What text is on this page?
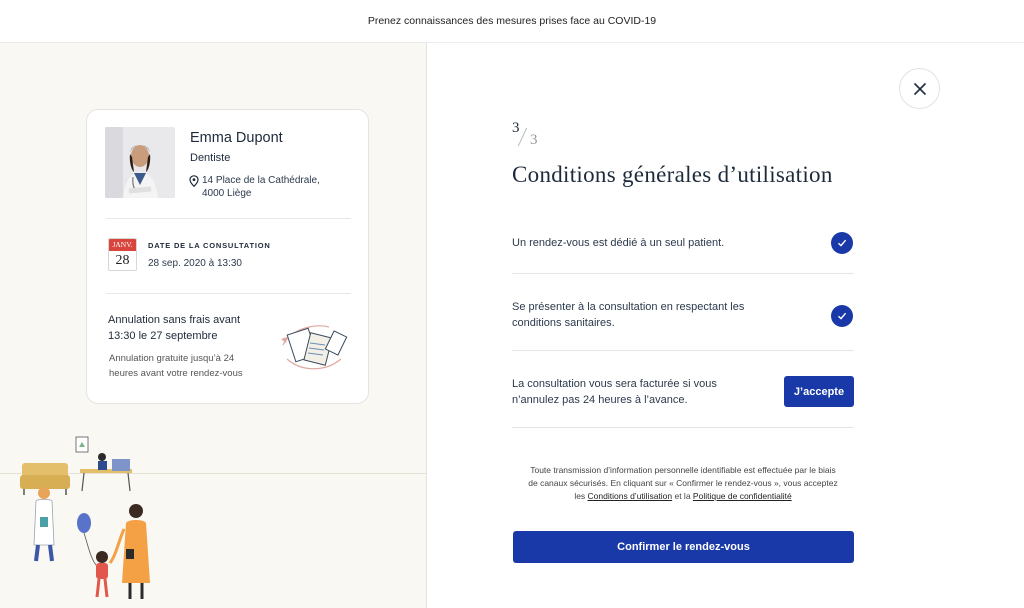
Prenez connaissances des mesures prises face au COVID-19
Emma Dupont
Dentiste
14 Place de la Cathédrale,
4000 Liège
JANV.
28
DATE DE LA CONSULTATION
28 sep. 2020 à 13:30
Annulation sans frais avant
13:30 le 27 septembre
Annulation gratuite jusqu’à 24
heures avant votre rendez-vous
3
3
Conditions générales d’utilisation
Un rendez-vous est dédié à un seul patient.
Se présenter à la consultation en respectant les
conditions sanitaires.
La consultation vous sera facturée si vous
n’annulez pas 24 heures à l’avance.
J’accepte
Toute transmission d’information personnelle identifiable est effectuée par le biais
de canaux sécurisés. En cliquant sur « Confirmer le rendez-vous », vous acceptez
les Conditions d’utilisation et la Politique de confidentialité
Confirmer le rendez-vous
